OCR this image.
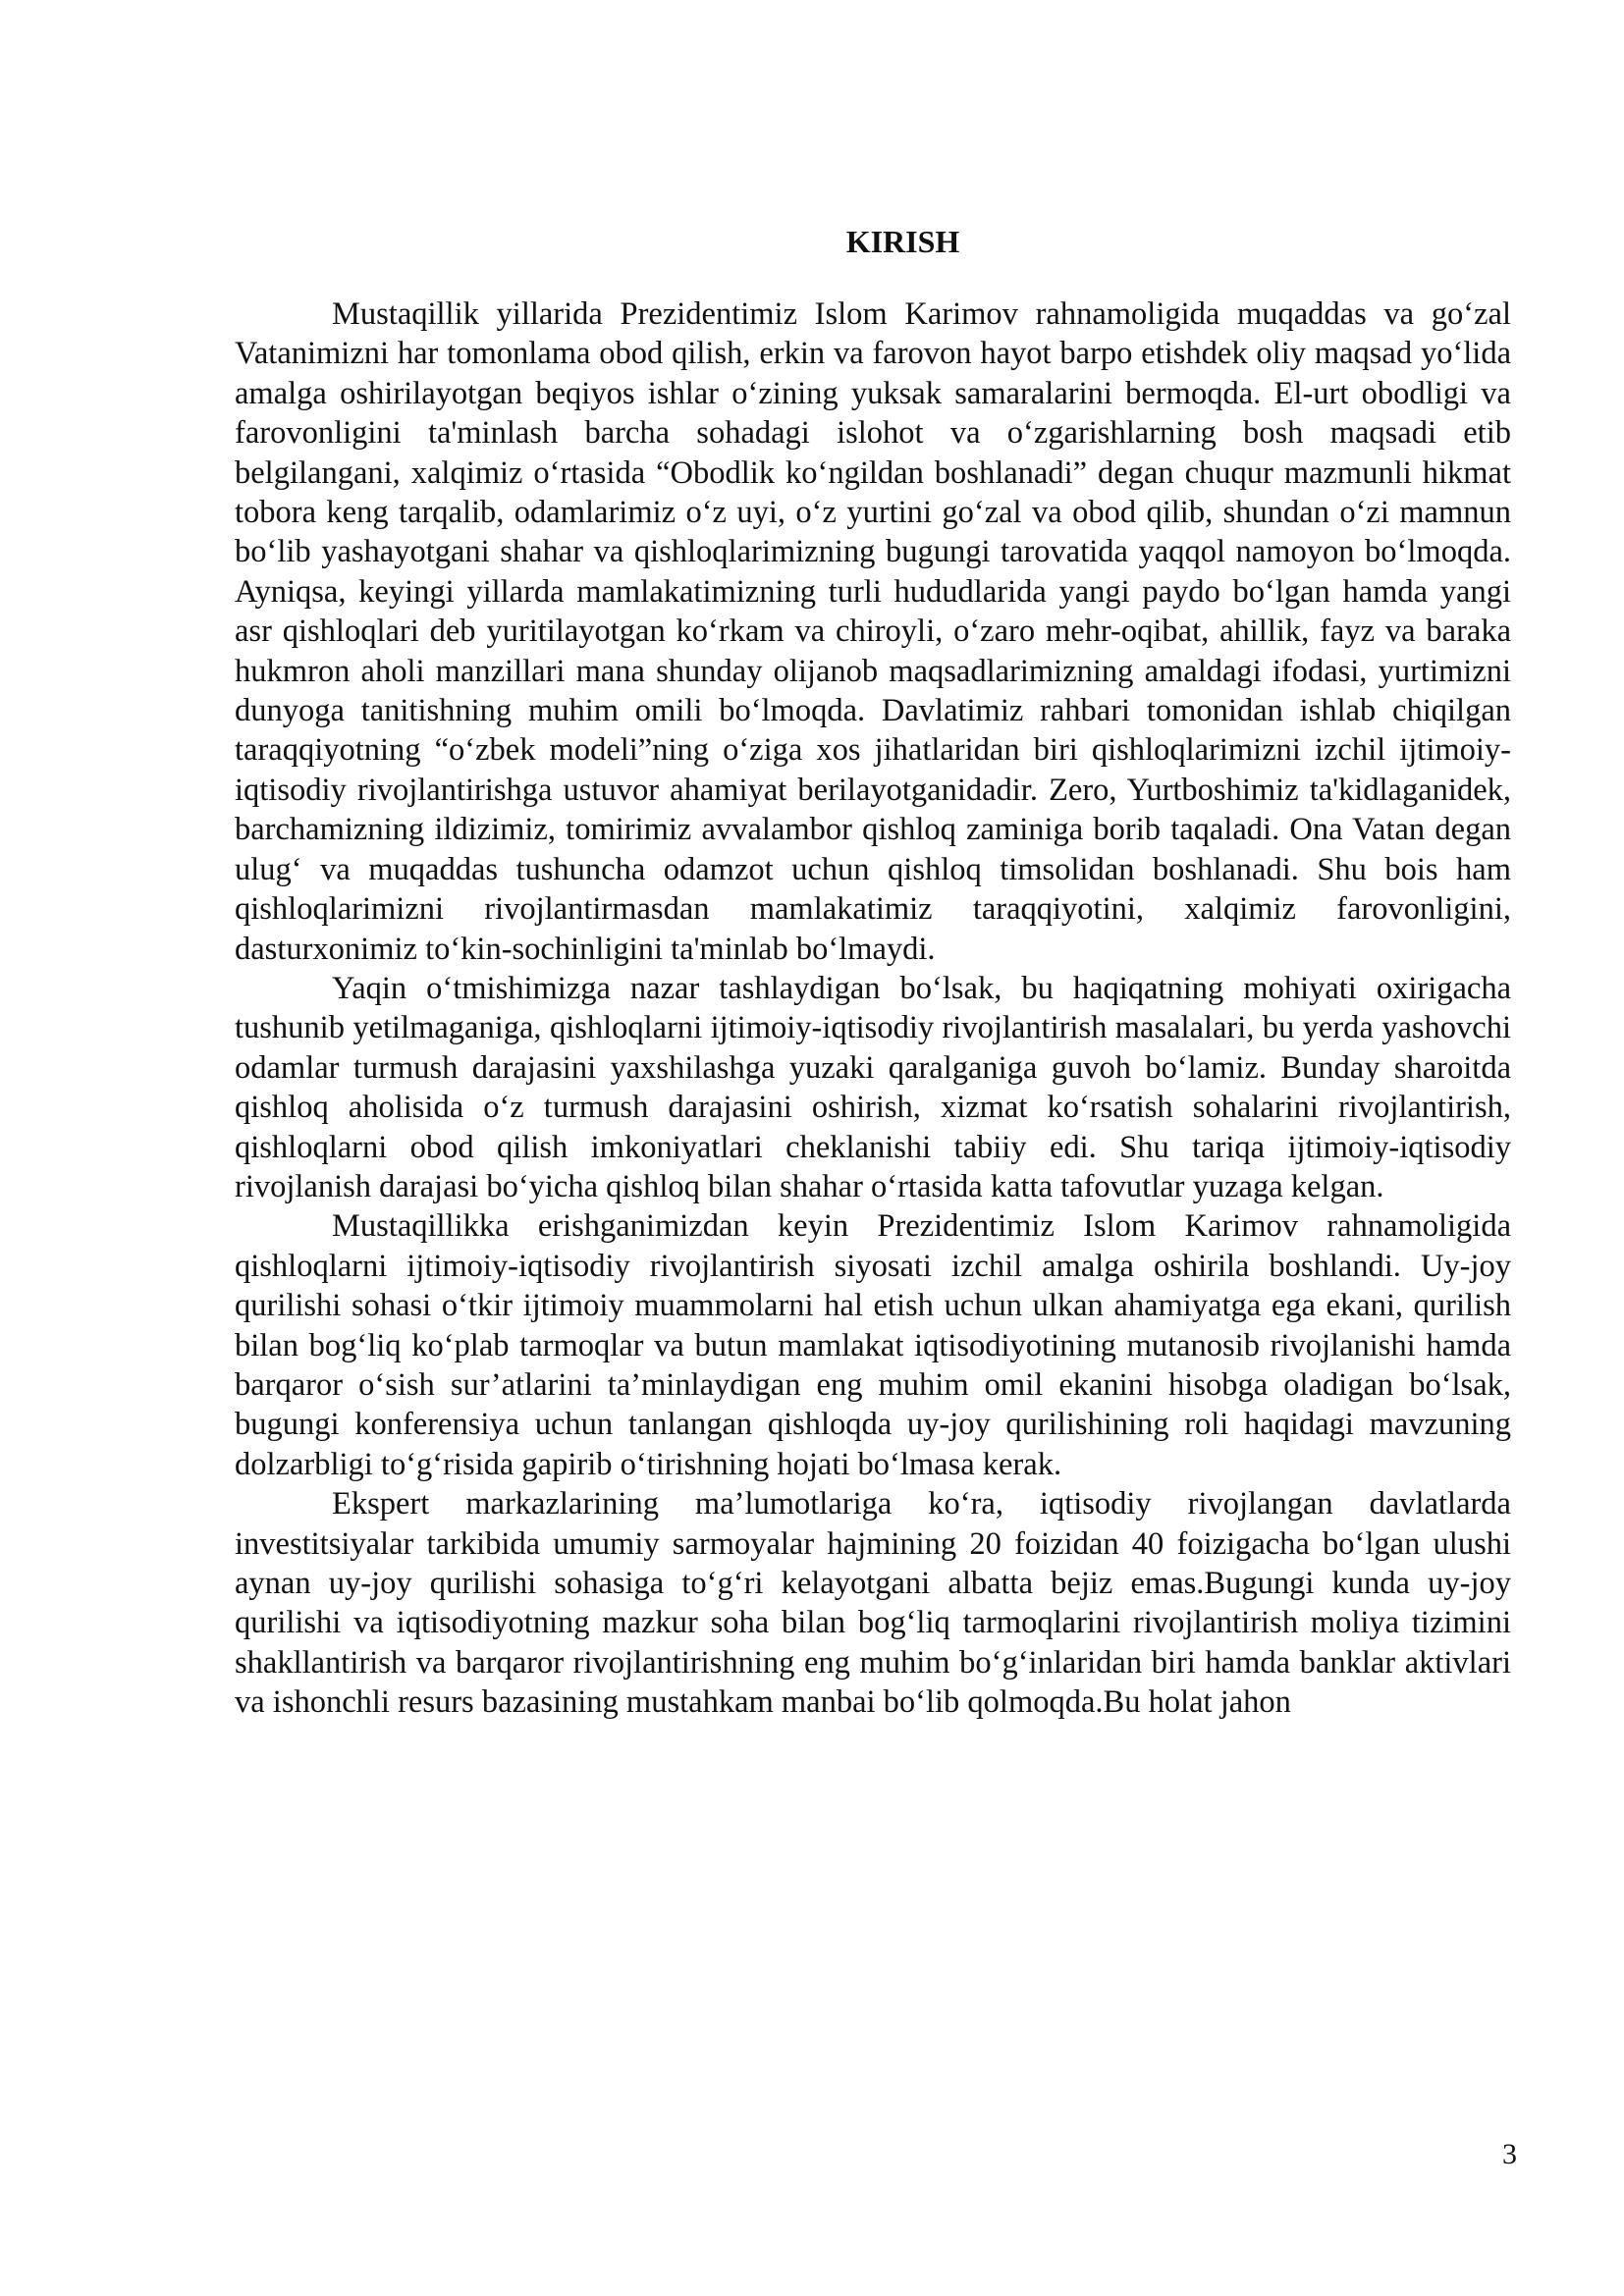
KIRISH

Mustaqillik yillarida Prezidentimiz Islom Karimov rahnamoligida muqaddas va go‘zal Vatanimizni har tomonlama obod qilish, erkin va farovon hayot barpo etishdek oliy maqsad yo‘lida amalga oshirilayotgan beqiyos ishlar o‘zining yuksak samaralarini bermoqda. El-urt obodligi va farovonligini ta'minlash barcha sohadagi islohot va o‘zgarishlarning bosh maqsadi etib belgilangani, xalqimiz o‘rtasida “Obodlik ko‘ngildan boshlanadi” degan chuqur mazmunli hikmat tobora keng tarqalib, odamlarimiz o‘z uyi, o‘z yurtini go‘zal va obod qilib, shundan o‘zi mamnun bo‘lib yashayotgani shahar va qishloqlarimizning bugungi tarovatida yaqqol namoyon bo‘lmoqda. Ayniqsa, keyingi yillarda mamlakatimizning turli hududlarida yangi paydo bo‘lgan hamda yangi asr qishloqlari deb yuritilayotgan ko‘rkam va chiroyli, o‘zaro mehr-oqibat, ahillik, fayz va baraka hukmron aholi manzillari mana shunday olijanob maqsadlarimizning amaldagi ifodasi, yurtimizni dunyoga tanitishning muhim omili bo‘lmoqda. Davlatimiz rahbari tomonidan ishlab chiqilgan taraqqiyotning “o‘zbek modeli”ning o‘ziga xos jihatlaridan biri qishloqlarimizni izchil ijtimoiy-iqtisodiy rivojlantirishga ustuvor ahamiyat berilayotganidadir. Zero, Yurtboshimiz ta'kidlaganidek, barchamizning ildizimiz, tomirimiz avvalambor qishloq zaminiga borib taqaladi. Ona Vatan degan ulug‘ va muqaddas tushuncha odamzot uchun qishloq timsolidan boshlanadi. Shu bois ham qishloqlarimizni rivojlantirmasdan mamlakatimiz taraqqiyotini, xalqimiz farovonligini, dasturxonimiz to‘kin-sochinligini ta'minlab bo‘lmaydi.

Yaqin o‘tmishimizga nazar tashlaydigan bo‘lsak, bu haqiqatning mohiyati oxirigacha tushunib yetilmaganiga, qishloqlarni ijtimoiy-iqtisodiy rivojlantirish masalalari, bu yerda yashovchi odamlar turmush darajasini yaxshilashga yuzaki qaralganiga guvoh bo‘lamiz. Bunday sharoitda qishloq aholisida o‘z turmush darajasini oshirish, xizmat ko‘rsatish sohalarini rivojlantirish, qishloqlarni obod qilish imkoniyatlari cheklanishi tabiiy edi. Shu tariqa ijtimoiy-iqtisodiy rivojlanish darajasi bo‘yicha qishloq bilan shahar o‘rtasida katta tafovutlar yuzaga kelgan.

Mustaqillikka erishganimizdan keyin Prezidentimiz Islom Karimov rahnamoligida qishloqlarni ijtimoiy-iqtisodiy rivojlantirish siyosati izchil amalga oshirila boshlandi. Uy-joy qurilishi sohasi o‘tkir ijtimoiy muammolarni hal etish uchun ulkan ahamiyatga ega ekani, qurilish bilan bog‘liq ko‘plab tarmoqlar va butun mamlakat iqtisodiyotining mutanosib rivojlanishi hamda barqaror o‘sish sur’atlarini ta’minlaydigan eng muhim omil ekanini hisobga oladigan bo‘lsak, bugungi konferensiya uchun tanlangan qishloqda uy-joy qurilishining roli haqidagi mavzuning dolzarbligi to‘g‘risida gapirib o‘tirishning hojati bo‘lmasa kerak.

Ekspert markazlarining ma’lumotlariga ko‘ra, iqtisodiy rivojlangan davlatlarda investitsiyalar tarkibida umumiy sarmoyalar hajmining 20 foizidan 40 foizigacha bo‘lgan ulushi aynan uy-joy qurilishi sohasiga to‘g‘ri kelayotgani albatta bejiz emas.Bugungi kunda uy-joy qurilishi va iqtisodiyotning mazkur soha bilan bog‘liq tarmoqlarini rivojlantirish moliya tizimini shakllantirish va barqaror rivojlantirishning eng muhim bo‘g‘inlaridan biri hamda banklar aktivlari va ishonchli resurs bazasining mustahkam manbai bo‘lib qolmoqda.Bu holat jahon

3
